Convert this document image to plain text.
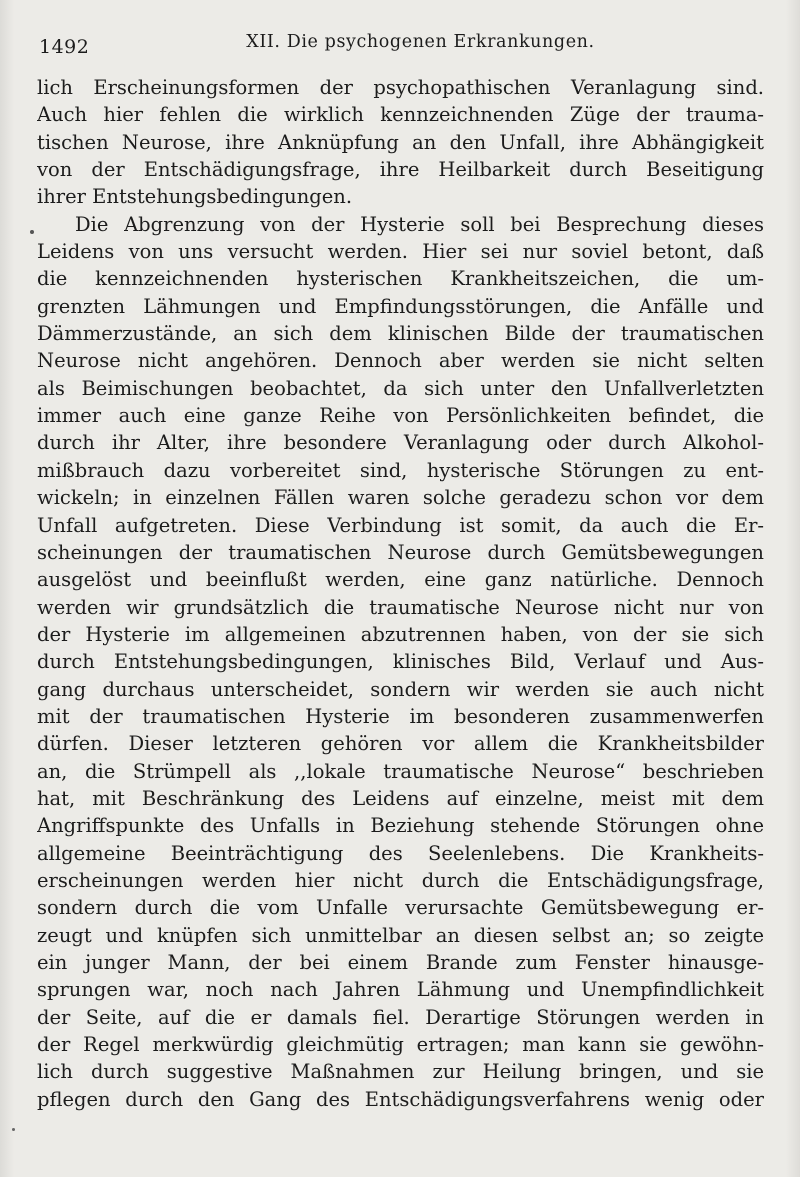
1492	XII. Die psychogenen Erkrankungen.
lich Erscheinungsformen der psychopathischen Veranlagung sind.
Auch hier fehlen die wirklich kennzeichnenden Züge der trauma-
tischen Neurose, ihre Anknüpfung an den Unfall, ihre Abhängigkeit
von der Entschädigungsfrage, ihre Heilbarkeit durch Beseitigung
ihrer Entstehungsbedingungen.
Die Abgrenzung von der Hysterie soll bei Besprechung dieses
Leidens von uns versucht werden. Hier sei nur soviel betont, daß
die kennzeichnenden hysterischen Krankheitszeichen, die um-
grenzten Lähmungen und Empfindungsstörungen, die Anfälle und
Dämmerzustände, an sich dem klinischen Bilde der traumatischen
Neurose nicht angehören. Dennoch aber werden sie nicht selten
als Beimischungen beobachtet, da sich unter den Unfallverletzten
immer auch eine ganze Reihe von Persönlichkeiten befindet, die
durch ihr Alter, ihre besondere Veranlagung oder durch Alkohol-
mißbrauch dazu vorbereitet sind, hysterische Störungen zu ent-
wickeln; in einzelnen Fällen waren solche geradezu schon vor dem
Unfall aufgetreten. Diese Verbindung ist somit, da auch die Er-
scheinungen der traumatischen Neurose durch Gemütsbewegungen
ausgelöst und beeinflußt werden, eine ganz natürliche. Dennoch
werden wir grundsätzlich die traumatische Neurose nicht nur von
der Hysterie im allgemeinen abzutrennen haben, von der sie sich
durch Entstehungsbedingungen, klinisches Bild, Verlauf und Aus-
gang durchaus unterscheidet, sondern wir werden sie auch nicht
mit der traumatischen Hysterie im besonderen zusammenwerfen
dürfen. Dieser letzteren gehören vor allem die Krankheitsbilder
an, die Strümpell als ,,lokale traumatische Neurose“ beschrieben
hat, mit Beschränkung des Leidens auf einzelne, meist mit dem
Angriffspunkte des Unfalls in Beziehung stehende Störungen ohne
allgemeine Beeinträchtigung des Seelenlebens. Die Krankheits-
erscheinungen werden hier nicht durch die Entschädigungsfrage,
sondern durch die vom Unfalle verursachte Gemütsbewegung er-
zeugt und knüpfen sich unmittelbar an diesen selbst an; so zeigte
ein junger Mann, der bei einem Brande zum Fenster hinausge-
sprungen war, noch nach Jahren Lähmung und Unempfindlichkeit
der Seite, auf die er damals fiel. Derartige Störungen werden in
der Regel merkwürdig gleichmütig ertragen; man kann sie gewöhn-
lich durch suggestive Maßnahmen zur Heilung bringen, und sie
pflegen durch den Gang des Entschädigungsverfahrens wenig oder
